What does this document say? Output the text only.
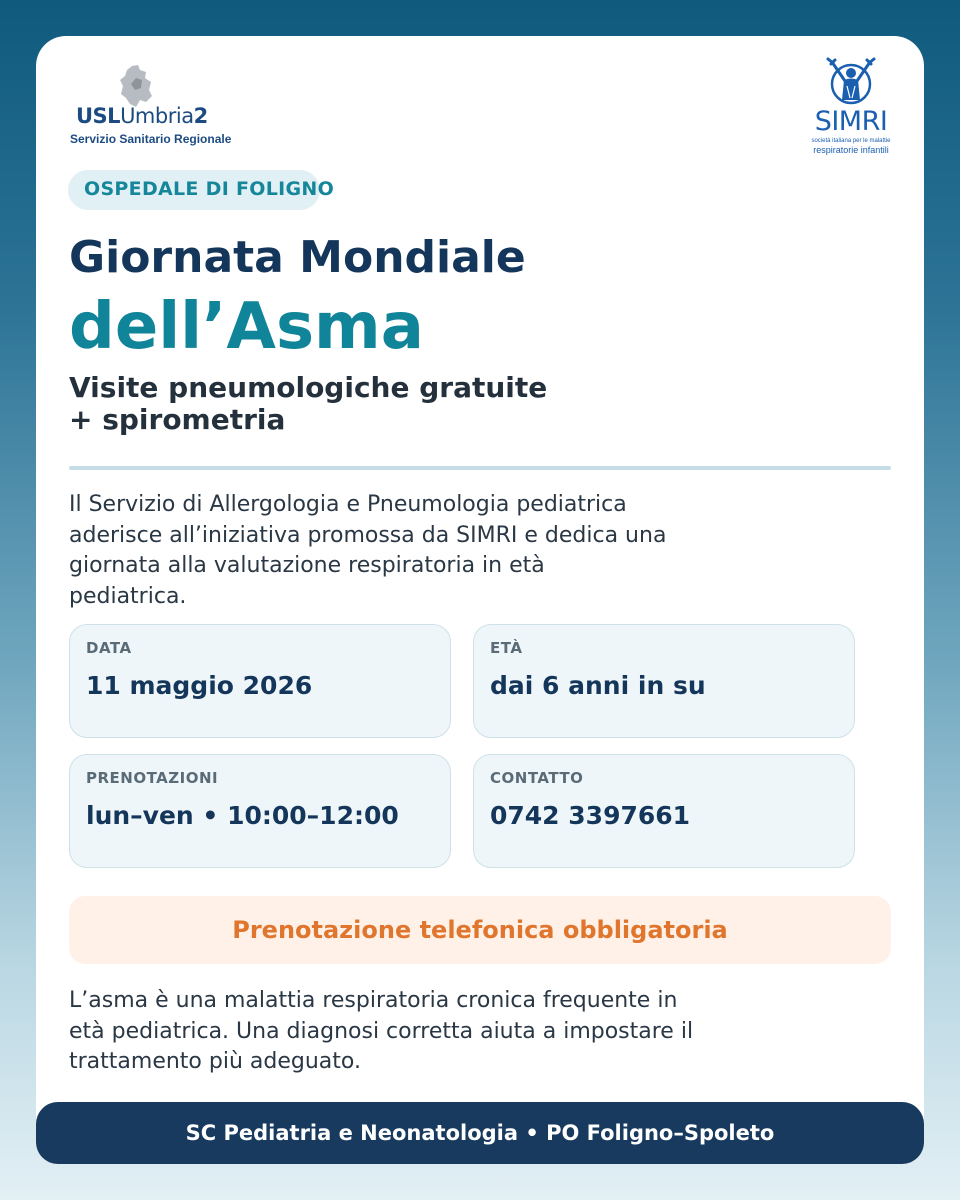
USLUmbria2
Servizio Sanitario Regionale
SIMRI
società italiana per le malattie
respiratorie infantili
OSPEDALE DI FOLIGNO
Giornata Mondiale
dell’Asma
Visite pneumologiche gratuite
+ spirometria
Il Servizio di Allergologia e Pneumologia pediatrica aderisce all’iniziativa promossa da SIMRI e dedica una giornata alla valutazione respiratoria in età pediatrica.
DATA
11 maggio 2026
ETÀ
dai 6 anni in su
PRENOTAZIONI
lun–ven • 10:00–12:00
CONTATTO
0742 3397661
Prenotazione telefonica obbligatoria
L’asma è una malattia respiratoria cronica frequente in età pediatrica. Una diagnosi corretta aiuta a impostare il trattamento più adeguato.
SC Pediatria e Neonatologia • PO Foligno–Spoleto
